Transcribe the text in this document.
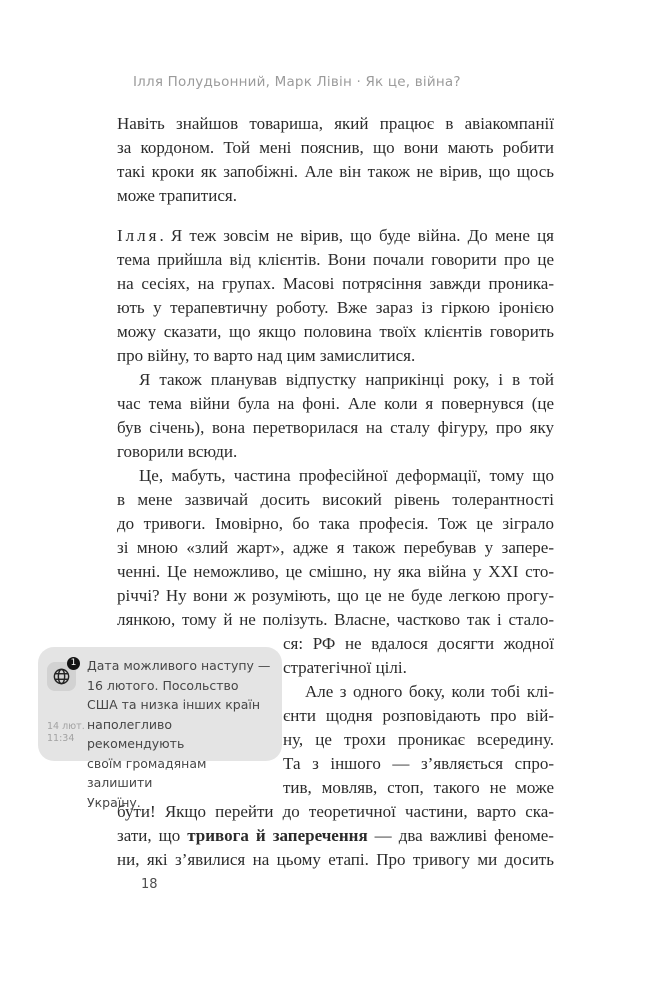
Ілля Полудьонний, Марк Лівін · Як це, війна?
Навіть знайшов товариша, який працює в авіакомпанії
за кордоном. Той мені пояснив, що вони мають робити
такі кроки як запобіжні. Але він також не вірив, що щось
може трапитися.
Ілля. Я теж зовсім не вірив, що буде війна. До мене ця
тема прийшла від клієнтів. Вони почали говорити про це
на сесіях, на групах. Масові потрясіння завжди проника-
ють у терапевтичну роботу. Вже зараз із гіркою іронією
можу сказати, що якщо половина твоїх клієнтів говорить
про війну, то варто над цим замислитися.
Я також планував відпустку наприкінці року, і в той
час тема війни була на фоні. Але коли я повернувся (це
був січень), вона перетворилася на сталу фігуру, про яку
говорили всюди.
Це, мабуть, частина професійної деформації, тому що
в мене зазвичай досить високий рівень толерантності
до тривоги. Імовірно, бо така професія. Тож це зіграло
зі мною «злий жарт», адже я також перебував у запере-
ченні. Це неможливо, це смішно, ну яка війна у XXI сто-
річчі? Ну вони ж розуміють, що це не буде легкою прогу-
лянкою, тому й не полізуть. Власне, частково так і стало-
1 Дата можливого наступу —
16 лютого. Посольство
США та низка інших країн
наполегливо рекомендують
своїм громадянам залишити
Україну.
14 лют.
11:34
ся: РФ не вдалося досягти жодної
стратегічної цілі.
Але з одного боку, коли тобі клі-
єнти щодня розповідають про вій-
ну, це трохи проникає всередину.
Та з іншого — з’являється спро-
тив, мовляв, стоп, такого не може
бути! Якщо перейти до теоретичної частини, варто ска-
зати, що тривога й заперечення — два важливі феноме-
ни, які з’явилися на цьому етапі. Про тривогу ми досить
18
